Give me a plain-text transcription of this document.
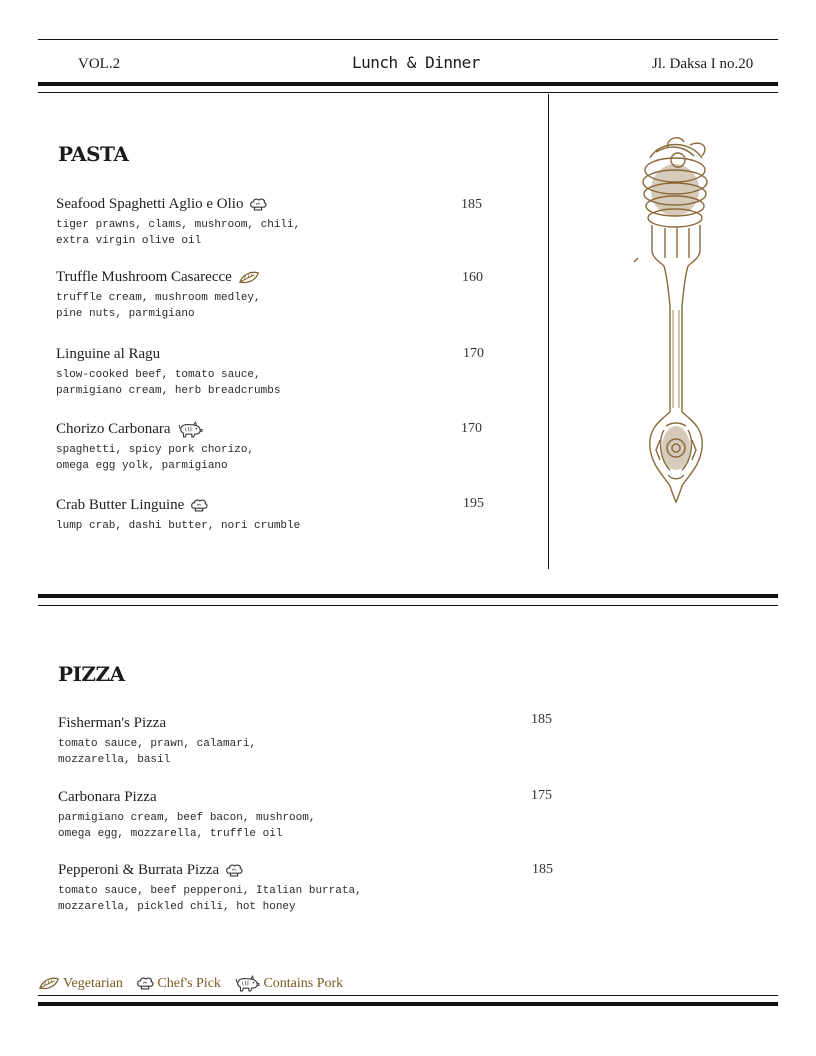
VOL.2	Lunch & Dinner	Jl. Daksa I no.20
PASTA
Seafood Spaghetti Aglio e Olio
tiger prawns, clams, mushroom, chili,
extra virgin olive oil
185
Truffle Mushroom Casarecce
truffle cream, mushroom medley,
pine nuts, parmigiano
160
Linguine al Ragu
slow-cooked beef, tomato sauce,
parmigiano cream, herb breadcrumbs
170
Chorizo Carbonara
spaghetti, spicy pork chorizo,
omega egg yolk, parmigiano
170
Crab Butter Linguine
lump crab, dashi butter, nori crumble
195
PIZZA
Fisherman's Pizza
tomato sauce, prawn, calamari,
mozzarella, basil
185
Carbonara Pizza
parmigiano cream, beef bacon, mushroom,
omega egg, mozzarella, truffle oil
175
Pepperoni & Burrata Pizza
tomato sauce, beef pepperoni, Italian burrata,
mozzarella, pickled chili, hot honey
185
Vegetarian Chef's Pick	Contains Pork
